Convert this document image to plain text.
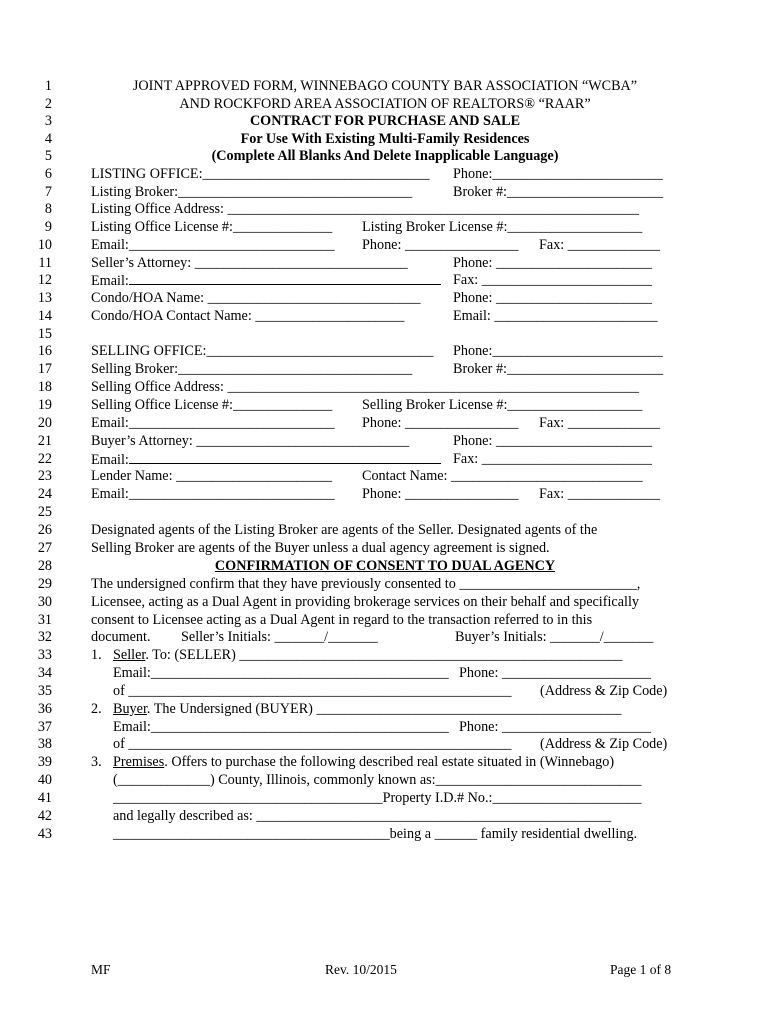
1
2
3
4
5
6
7
8
9
10
11
12
13
14
15
16
17
18
19
20
21
22
23
24
25
26
27
28
29
30
31
32
33
34
35
36
37
38
39
40
41
42
43
JOINT APPROVED FORM, WINNEBAGO COUNTY BAR ASSOCIATION “WCBA”
AND ROCKFORD AREA ASSOCIATION OF REALTORS® “RAAR”
CONTRACT FOR PURCHASE AND SALE
For Use With Existing Multi-Family Residences
(Complete All Blanks And Delete Inapplicable Language)
LISTING OFFICE:________________________________ Phone:________________________
Listing Broker:_________________________________	Broker #:______________________
Listing Office Address: __________________________________________________________
Listing Office License #:______________ Listing Broker License #:___________________
Email:_____________________________ Phone: ________________ Fax: _____________
Seller’s Attorney: ______________________________	Phone: ______________________
Email:	Fax: ________________________
Condo/HOA Name: ______________________________ Phone: ______________________
Condo/HOA Contact Name: _____________________	Email: _______________________
SELLING OFFICE:________________________________ Phone:________________________
Selling Broker:_________________________________	Broker #:______________________
Selling Office Address: __________________________________________________________
Selling Office License #:______________ Selling Broker License #:___________________
Email:_____________________________ Phone: ________________ Fax: _____________
Buyer’s Attorney: ______________________________	Phone: ______________________
Email:	Fax: ________________________
Lender Name: ______________________ Contact Name: ___________________________
Email:_____________________________ Phone: ________________ Fax: _____________
Designated agents of the Listing Broker are agents of the Seller. Designated agents of the
Selling Broker are agents of the Buyer unless a dual agency agreement is signed.
CONFIRMATION OF CONSENT TO DUAL AGENCY
The undersigned confirm that they have previously consented to _________________________,
Licensee, acting as a Dual Agent in providing brokerage services on their behalf and specifically
consent to Licensee acting as a Dual Agent in regard to the transaction referred to in this
document. Seller’s Initials: _______/_______	Buyer’s Initials: _______/_______
1. Seller. To: (SELLER) ______________________________________________________
Email:__________________________________________ Phone: _____________________
of ______________________________________________________ (Address & Zip Code)
2. Buyer. The Undersigned (BUYER) ___________________________________________
Email:__________________________________________ Phone: _____________________
of ______________________________________________________ (Address & Zip Code)
3. Premises. Offers to purchase the following described real estate situated in (Winnebago)
(_____________) County, Illinois, commonly known as:_____________________________
______________________________________Property I.D.# No.:_____________________
and legally described as: __________________________________________________
_______________________________________being a ______ family residential dwelling.
MF	Rev. 10/2015	Page 1 of 8
